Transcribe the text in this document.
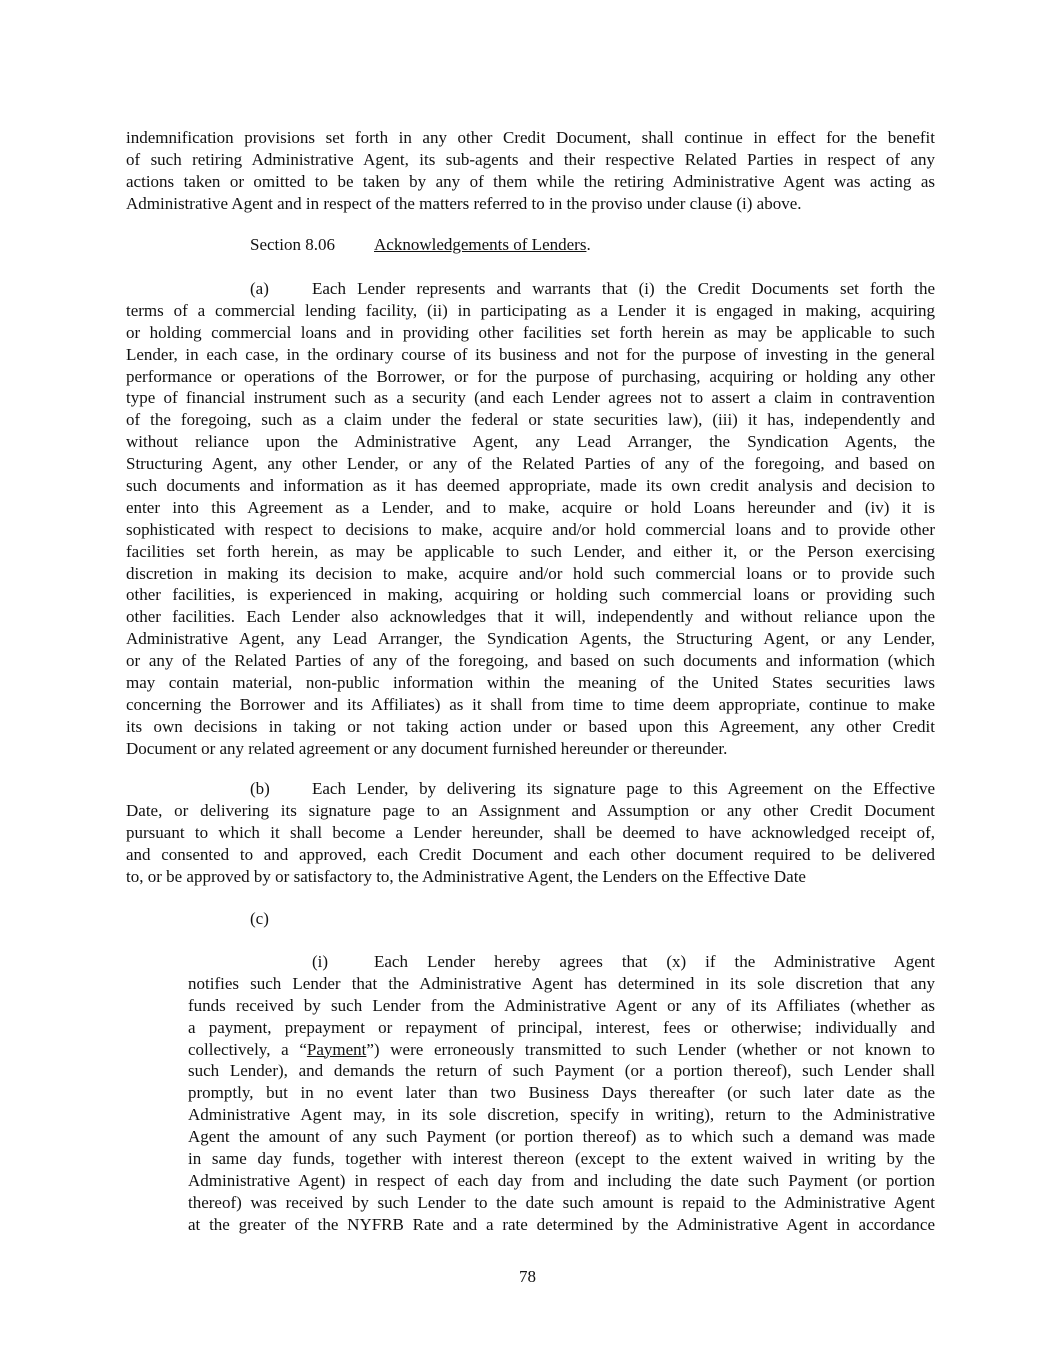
indemnification provisions set forth in any other Credit Document, shall continue in effect for the benefit
of such retiring Administrative Agent, its sub-agents and their respective Related Parties in respect of any
actions taken or omitted to be taken by any of them while the retiring Administrative Agent was acting as
Administrative Agent and in respect of the matters referred to in the proviso under clause (i) above.
Section 8.06 Acknowledgements of Lenders.
(a)	Each Lender represents and warrants that (i) the Credit Documents set forth the
terms of a commercial lending facility, (ii) in participating as a Lender it is engaged in making, acquiring
or holding commercial loans and in providing other facilities set forth herein as may be applicable to such
Lender, in each case, in the ordinary course of its business and not for the purpose of investing in the general
performance or operations of the Borrower, or for the purpose of purchasing, acquiring or holding any other
type of financial instrument such as a security (and each Lender agrees not to assert a claim in contravention
of the foregoing, such as a claim under the federal or state securities law), (iii) it has, independently and
without reliance upon the Administrative Agent, any Lead Arranger, the Syndication Agents, the
Structuring Agent, any other Lender, or any of the Related Parties of any of the foregoing, and based on
such documents and information as it has deemed appropriate, made its own credit analysis and decision to
enter into this Agreement as a Lender, and to make, acquire or hold Loans hereunder and (iv) it is
sophisticated with respect to decisions to make, acquire and/or hold commercial loans and to provide other
facilities set forth herein, as may be applicable to such Lender, and either it, or the Person exercising
discretion in making its decision to make, acquire and/or hold such commercial loans or to provide such
other facilities, is experienced in making, acquiring or holding such commercial loans or providing such
other facilities. Each Lender also acknowledges that it will, independently and without reliance upon the
Administrative Agent, any Lead Arranger, the Syndication Agents, the Structuring Agent, or any Lender,
or any of the Related Parties of any of the foregoing, and based on such documents and information (which
may contain material, non-public information within the meaning of the United States securities laws
concerning the Borrower and its Affiliates) as it shall from time to time deem appropriate, continue to make
its own decisions in taking or not taking action under or based upon this Agreement, any other Credit
Document or any related agreement or any document furnished hereunder or thereunder.
(b)	Each Lender, by delivering its signature page to this Agreement on the Effective
Date, or delivering its signature page to an Assignment and Assumption or any other Credit Document
pursuant to which it shall become a Lender hereunder, shall be deemed to have acknowledged receipt of,
and consented to and approved, each Credit Document and each other document required to be delivered
to, or be approved by or satisfactory to, the Administrative Agent, the Lenders on the Effective Date
(c)
(i)	Each Lender hereby agrees that (x) if the Administrative Agent
notifies such Lender that the Administrative Agent has determined in its sole discretion that any
funds received by such Lender from the Administrative Agent or any of its Affiliates (whether as
a payment, prepayment or repayment of principal, interest, fees or otherwise; individually and
collectively, a “Payment”) were erroneously transmitted to such Lender (whether or not known to
such Lender), and demands the return of such Payment (or a portion thereof), such Lender shall
promptly, but in no event later than two Business Days thereafter (or such later date as the
Administrative Agent may, in its sole discretion, specify in writing), return to the Administrative
Agent the amount of any such Payment (or portion thereof) as to which such a demand was made
in same day funds, together with interest thereon (except to the extent waived in writing by the
Administrative Agent) in respect of each day from and including the date such Payment (or portion
thereof) was received by such Lender to the date such amount is repaid to the Administrative Agent
at the greater of the NYFRB Rate and a rate determined by the Administrative Agent in accordance
78
